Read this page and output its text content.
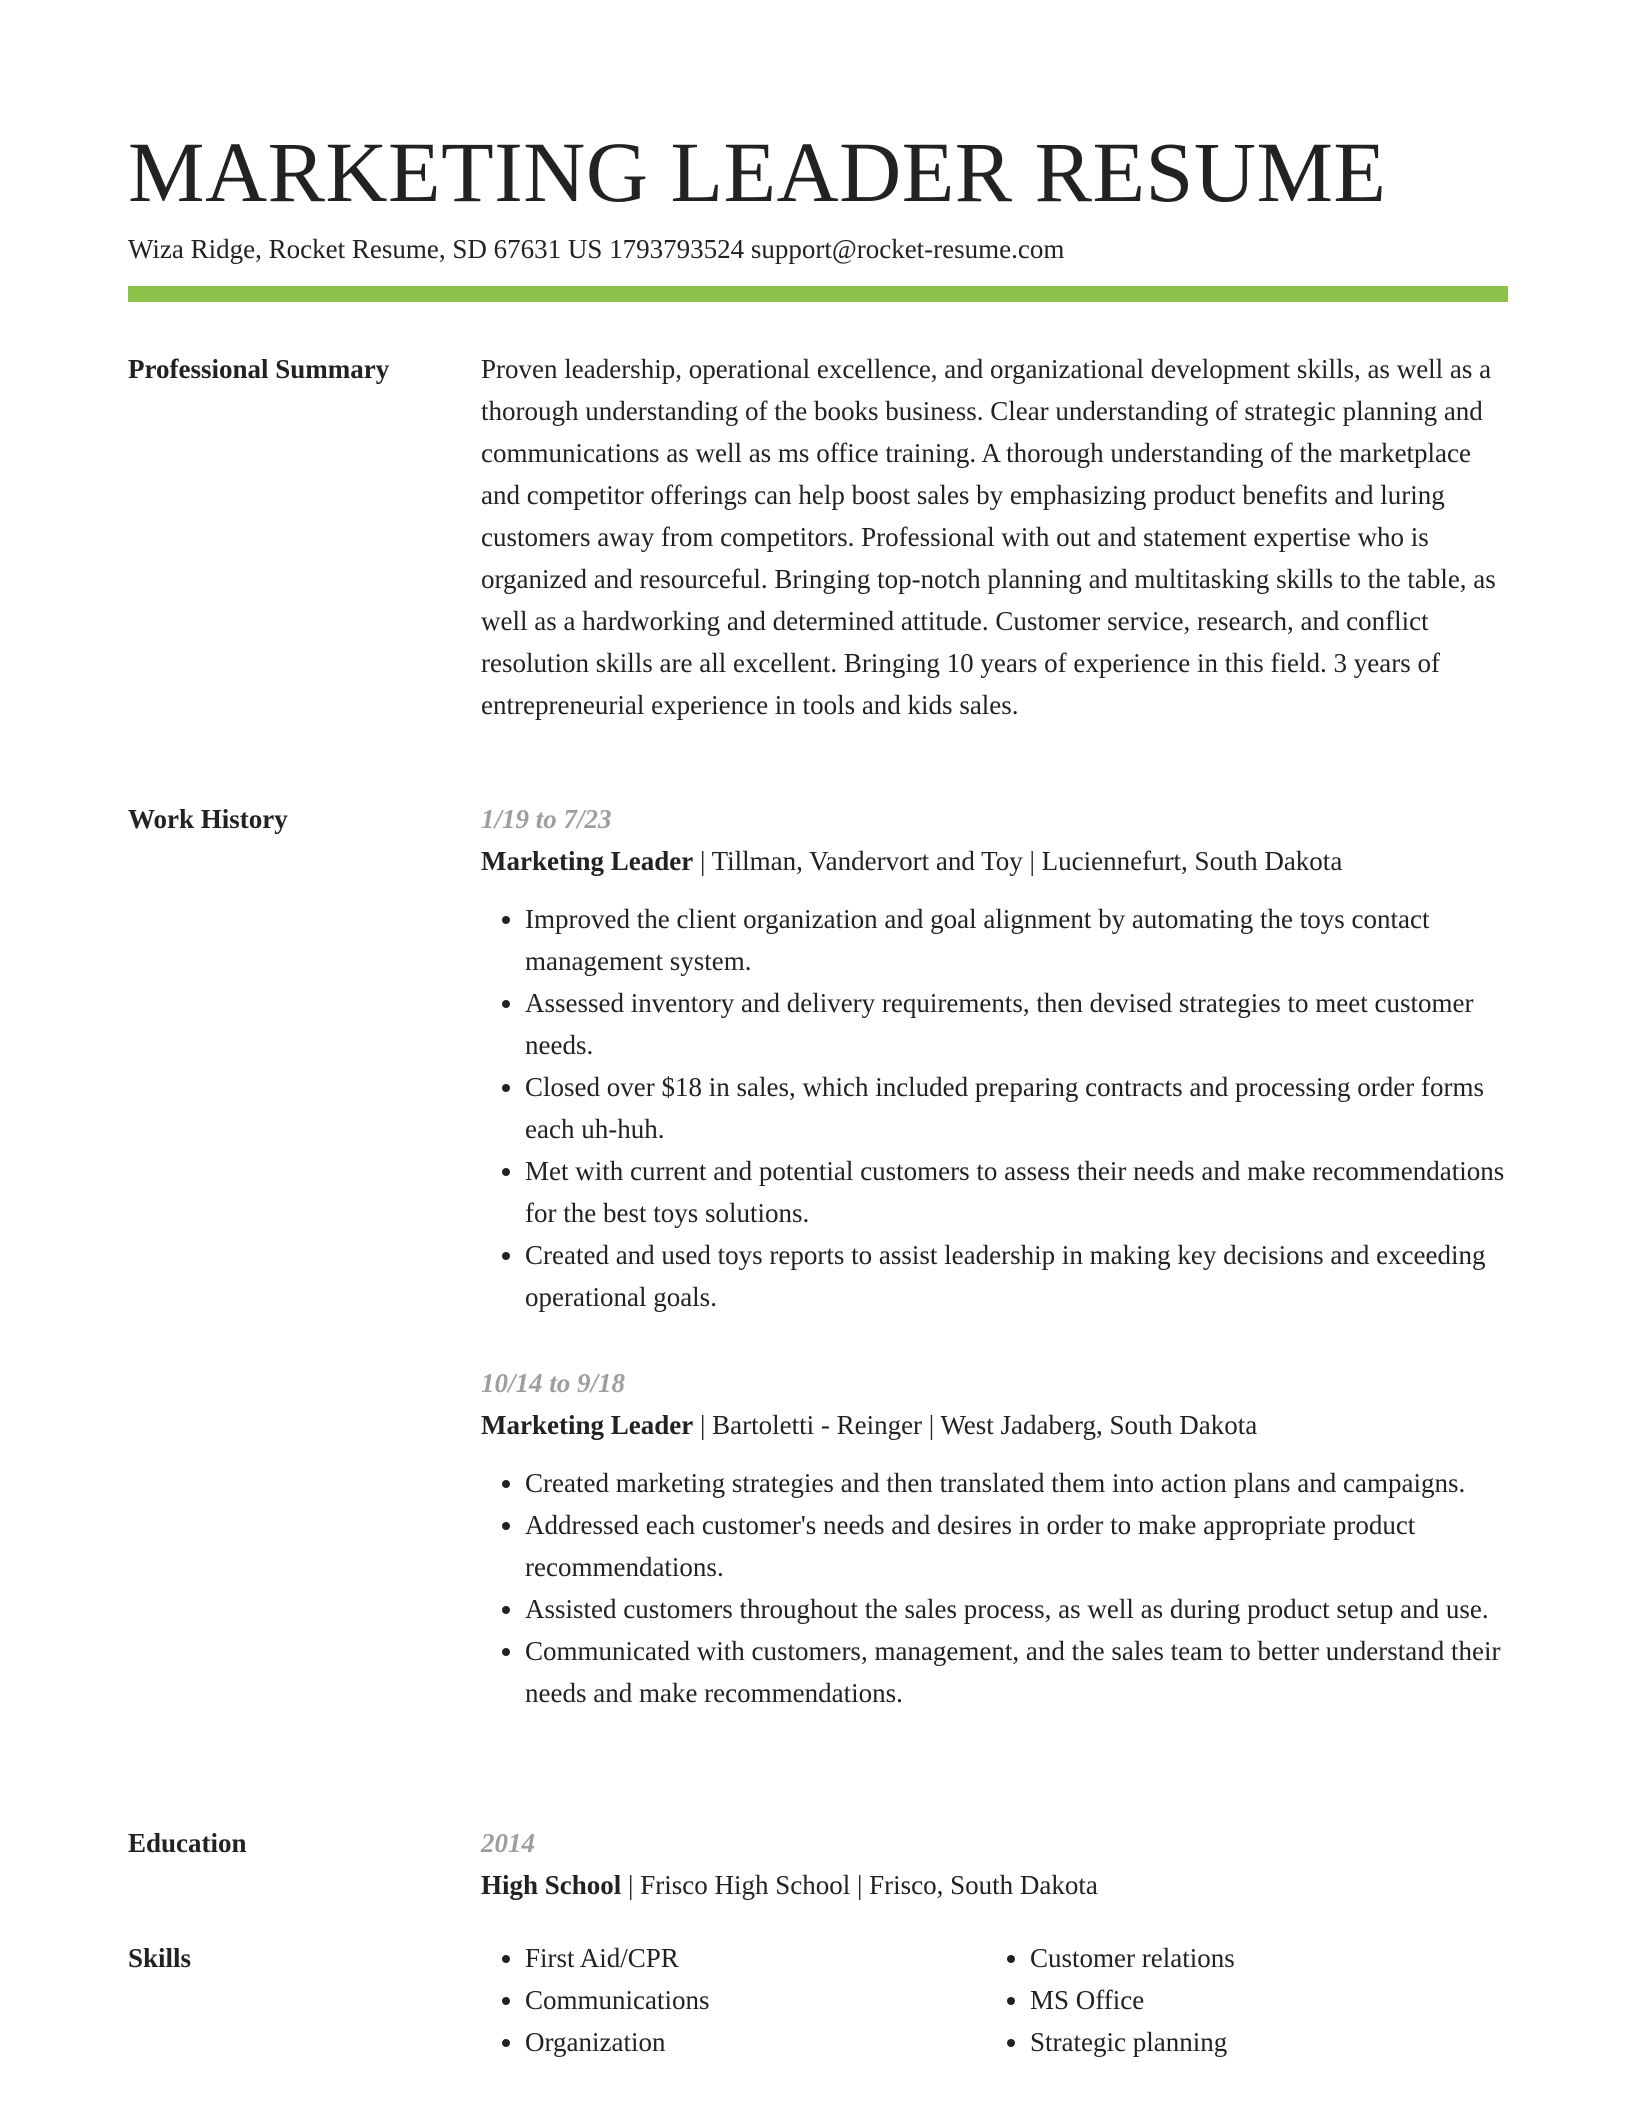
MARKETING LEADER RESUME
Wiza Ridge, Rocket Resume, SD 67631 US 1793793524 support@rocket-resume.com
Professional Summary	Proven leadership, operational excellence, and organizational development skills, as well as a thorough understanding of the books business. Clear understanding of strategic planning and communications as well as ms office training. A thorough understanding of the marketplace and competitor offerings can help boost sales by emphasizing product benefits and luring customers away from competitors. Professional with out and statement expertise who is organized and resourceful. Bringing top-notch planning and multitasking skills to the table, as well as a hardworking and determined attitude. Customer service, research, and conflict resolution skills are all excellent. Bringing 10 years of experience in this field. 3 years of entrepreneurial experience in tools and kids sales.

Work History	1/19 to 7/23
Marketing Leader | Tillman, Vandervort and Toy | Luciennefurt, South Dakota
• Improved the client organization and goal alignment by automating the toys contact management system.
• Assessed inventory and delivery requirements, then devised strategies to meet customer needs.
• Closed over $18 in sales, which included preparing contracts and processing order forms each uh-huh.
• Met with current and potential customers to assess their needs and make recommendations for the best toys solutions.
• Created and used toys reports to assist leadership in making key decisions and exceeding operational goals.
10/14 to 9/18
Marketing Leader | Bartoletti - Reinger | West Jadaberg, South Dakota
• Created marketing strategies and then translated them into action plans and campaigns.
• Addressed each customer's needs and desires in order to make appropriate product recommendations.
• Assisted customers throughout the sales process, as well as during product setup and use.
• Communicated with customers, management, and the sales team to better understand their needs and make recommendations.
Education	2014
High School | Frisco High School | Frisco, South Dakota
Skills
•	First Aid/CPR
• Communications
• Organization
• Customer relations
• MS Office
• Strategic planning
